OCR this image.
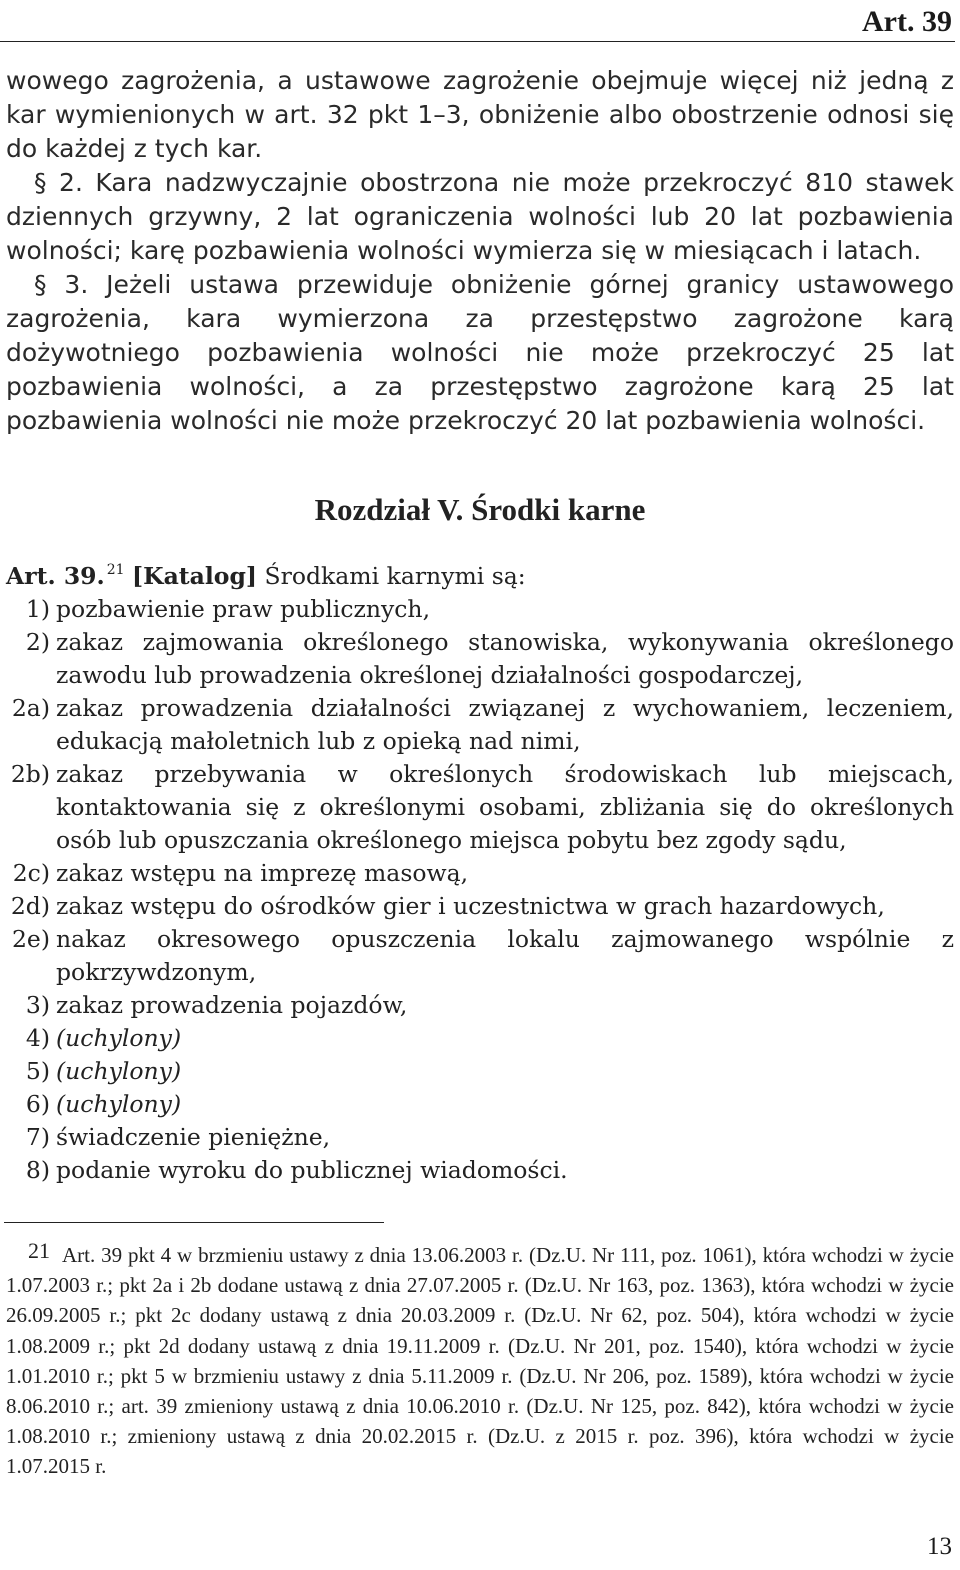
Art. 39

wowego zagrożenia, a ustawowe zagrożenie obejmuje więcej niż jedną z kar wymienionych w art. 32 pkt 1–3, obniżenie albo obostrzenie odnosi się do każdej z tych kar.

§ 2. Kara nadzwyczajnie obostrzona nie może przekroczyć 810 stawek dziennych grzywny, 2 lat ograniczenia wolności lub 20 lat pozbawienia wolności; karę pozbawienia wolności wymierza się w miesiącach i latach.

§ 3. Jeżeli ustawa przewiduje obniżenie górnej granicy ustawowego zagrożenia, kara wymierzona za przestępstwo zagrożone karą dożywotniego pozbawienia wolności nie może przekroczyć 25 lat pozbawienia wolności, a za przestępstwo zagrożone karą 25 lat pozbawienia wolności nie może przekroczyć 20 lat pozbawienia wolności.

Rozdział V. Środki karne

Art. 39. $^{21}$ [Katalog] Środkami karnymi są:

1) pozbawienie praw publicznych,
2) zakaz zajmowania określonego stanowiska, wykonywania określonego zawodu lub prowadzenia określonej działalności gospodarczej,
2a) zakaz prowadzenia działalności związanej z wychowaniem, leczeniem, edukacją małoletnich lub z opieką nad nimi,
2b) zakaz przebywania w określonych środowiskach lub miejscach, kontaktowania się z określonymi osobami, zbliżania się do określonych osób lub opuszczania określonego miejsca pobytu bez zgody sądu,
2c) zakaz wstępu na imprezę masową,
2d) zakaz wstępu do ośrodków gier i uczestnictwa w grach hazardowych,
2e) nakaz okresowego opuszczenia lokalu zajmowanego wspólnie z pokrzywdzonym,
3) zakaz prowadzenia pojazdów,
4) (uchylony)
5) (uchylony)
6) (uchylony)
7) świadczenie pieniężne,
8) podanie wyroku do publicznej wiadomości.
21 Art. 39 pkt 4 w brzmieniu ustawy z dnia 13.06.2003 r. (Dz.U. Nr 111, poz. 1061), która wchodzi w życie 1.07.2003 r.; pkt 2a i 2b dodane ustawą z dnia 27.07.2005 r. (Dz.U. Nr 163, poz. 1363), która wchodzi w życie 26.09.2005 r.; pkt 2c dodany ustawą z dnia 20.03.2009 r. (Dz.U. Nr 62, poz. 504), która wchodzi w życie 1.08.2009 r.; pkt 2d dodany ustawą z dnia 19.11.2009 r. (Dz.U. Nr 201, poz. 1540), która wchodzi w życie 1.01.2010 r.; pkt 5 w brzmieniu ustawy z dnia 5.11.2009 r. (Dz.U. Nr 206, poz. 1589), która wchodzi w życie 8.06.2010 r.; art. 39 zmieniony ustawą z dnia 10.06.2010 r. (Dz.U. Nr 125, poz. 842), która wchodzi w życie 1.08.2010 r.; zmieniony ustawą z dnia 20.02.2015 r. (Dz.U. z 2015 r. poz. 396), która wchodzi w życie 1.07.2015 r.
13
